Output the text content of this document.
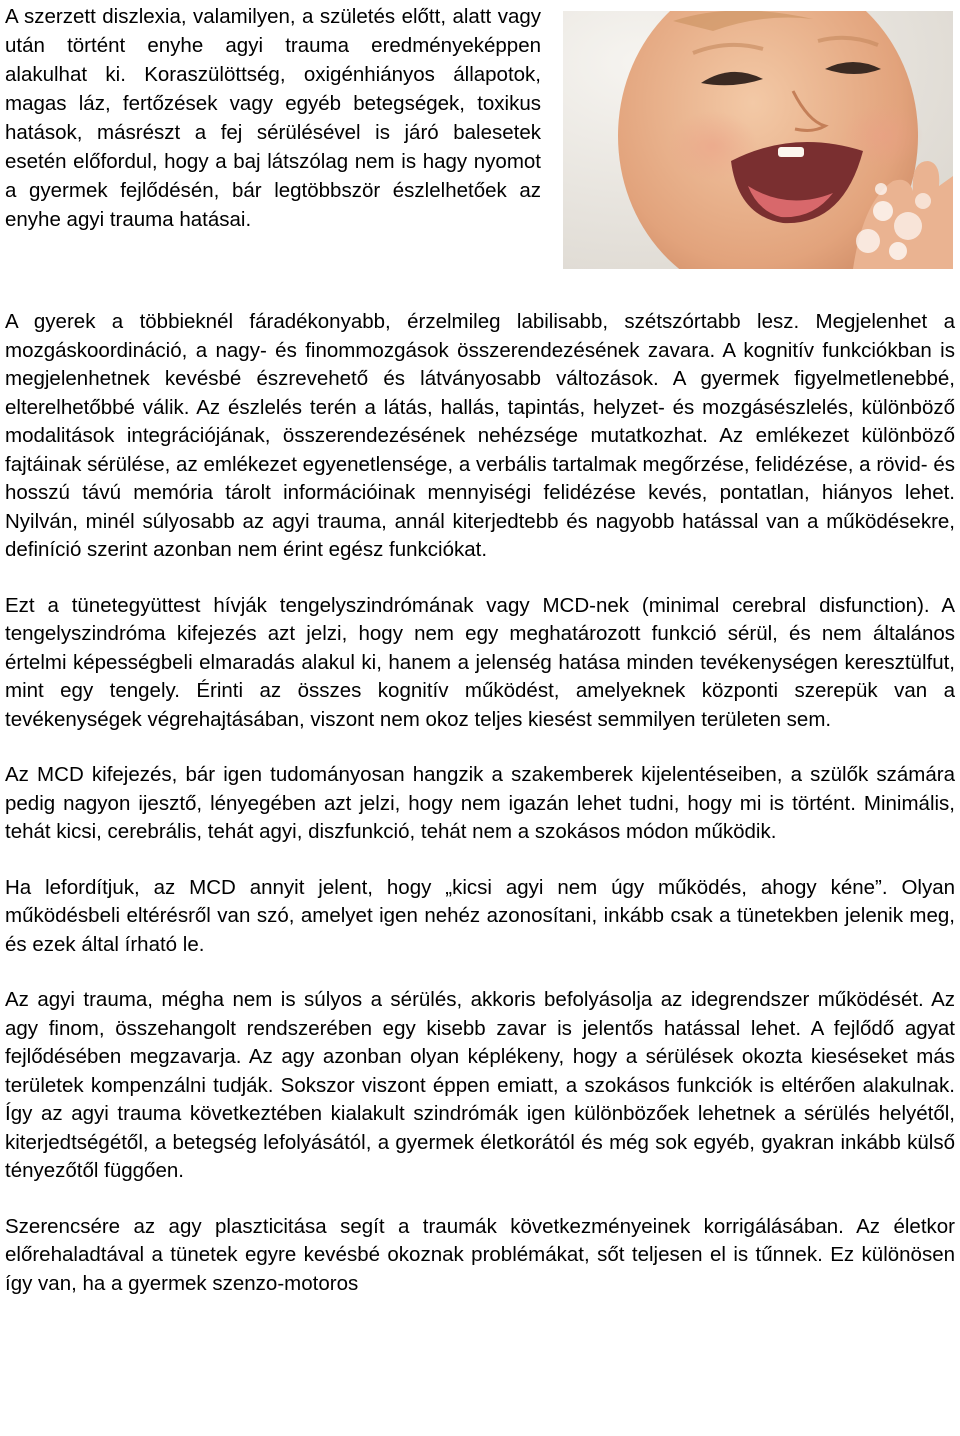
A szerzett diszlexia, valamilyen, a születés előtt, alatt vagy után történt enyhe agyi trauma eredményeképpen alakulhat ki. Koraszülöttség, oxigénhiányos állapotok, magas láz, fertőzések vagy egyéb betegségek, toxikus hatások, másrészt a fej sérülésével is járó balesetek esetén előfordul, hogy a baj látszólag nem is hagy nyomot a gyermek fejlődésén, bár legtöbbször észlelhetőek az enyhe agyi trauma hatásai.

A gyerek a többieknél fáradékonyabb, érzelmileg labilisabb, szétszórtabb lesz. Megjelenhet a mozgáskoordináció, a nagy- és finommozgások összerendezésének zavara. A kognitív funkciókban is megjelenhetnek kevésbé észrevehető és látványosabb változások. A gyermek figyelmetlenebbé, elterelhetőbbé válik. Az észlelés terén a látás, hallás, tapintás, helyzet- és mozgásészlelés, különböző modalitások integrációjának, összerendezésének nehézsége mutatkozhat. Az emlékezet különböző fajtáinak sérülése, az emlékezet egyenetlensége, a verbális tartalmak megőrzése, felidézése, a rövid- és hosszú távú memória tárolt információinak mennyiségi felidézése kevés, pontatlan, hiányos lehet. Nyilván, minél súlyosabb az agyi trauma, annál kiterjedtebb és nagyobb hatással van a működésekre, definíció szerint azonban nem érint egész funkciókat.

Ezt a tünetegyüttest hívják tengelyszindrómának vagy MCD-nek (minimal cerebral disfunction). A tengelyszindróma kifejezés azt jelzi, hogy nem egy meghatározott funkció sérül, és nem általános értelmi képességbeli elmaradás alakul ki, hanem a jelenség hatása minden tevékenységen keresztülfut, mint egy tengely. Érinti az összes kognitív működést, amelyeknek központi szerepük van a tevékenységek végrehajtásában, viszont nem okoz teljes kiesést semmilyen területen sem.

Az MCD kifejezés, bár igen tudományosan hangzik a szakemberek kijelentéseiben, a szülők számára pedig nagyon ijesztő, lényegében azt jelzi, hogy nem igazán lehet tudni, hogy mi is történt. Minimális, tehát kicsi, cerebrális, tehát agyi, diszfunkció, tehát nem a szokásos módon működik.

Ha lefordítjuk, az MCD annyit jelent, hogy „kicsi agyi nem úgy működés, ahogy kéne”. Olyan működésbeli eltérésről van szó, amelyet igen nehéz azonosítani, inkább csak a tünetekben jelenik meg, és ezek által írható le.

Az agyi trauma, mégha nem is súlyos a sérülés, akkoris befolyásolja az idegrendszer működését. Az agy finom, összehangolt rendszerében egy kisebb zavar is jelentős hatással lehet. A fejlődő agyat fejlődésében megzavarja. Az agy azonban olyan képlékeny, hogy a sérülések okozta kieséseket más területek kompenzálni tudják. Sokszor viszont éppen emiatt, a szokásos funkciók is eltérően alakulnak. Így az agyi trauma következtében kialakult szindrómák igen különbözőek lehetnek a sérülés helyétől, kiterjedtségétől, a betegség lefolyásától, a gyermek életkorától és még sok egyéb, gyakran inkább külső tényezőtől függően.

Szerencsére az agy plaszticitása segít a traumák következményeinek korrigálásában. Az életkor előrehaladtával a tünetek egyre kevésbé okoznak problémákat, sőt teljesen el is tűnnek. Ez különösen így van, ha a gyermek szenzo-motoros
